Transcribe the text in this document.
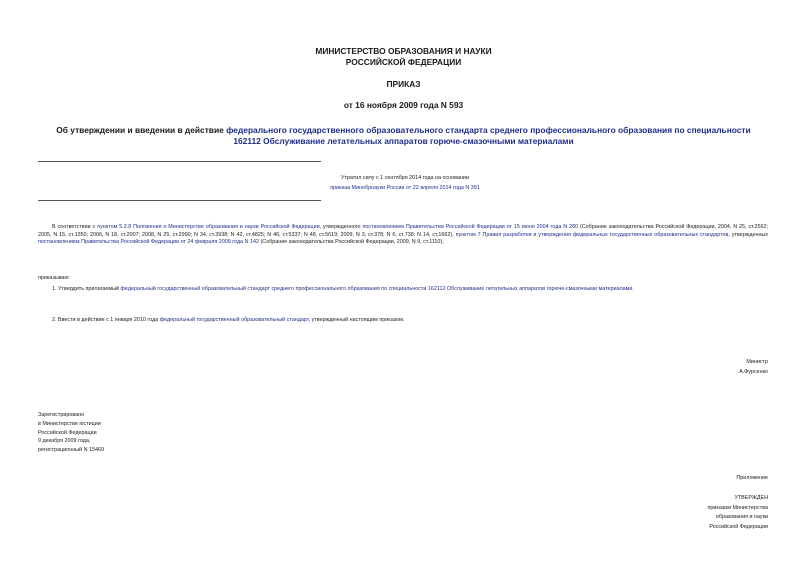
МИНИСТЕРСТВО ОБРАЗОВАНИЯ И НАУКИ
РОССИЙСКОЙ ФЕДЕРАЦИИ
ПРИКАЗ
от 16 ноября 2009 года N 593
Об утверждении и введении в действие федерального государственного образовательного стандарта среднего профессионального образования по специальности 162112 Обслуживание летательных аппаратов горюче-смазочными материалами
Утратил силу с 1 сентября 2014 года на основании
приказа Минобрнауки России от 22 апреля 2014 года N 391
В соответствии с пунктом 5.2.8 Положения о Министерстве образования и науки Российской Федерации, утвержденного постановлением Правительства Российской Федерации от 15 июня 2004 года N 280 (Собрание законодательства Российской Федерации, 2004, N 25, ст.2562; 2005, N 15, ст.1350; 2006, N 18, ст.2007; 2008, N 25, ст.2990; N 34, ст.3938; N 42, ст.4825; N 46, ст.5337; N 48, ст.5619; 2009, N 3, ст.378; N 6, ст.738; N 14, ст.1662), пунктом 7 Правил разработки и утверждения федеральных государственных образовательных стандартов, утвержденных постановлением Правительства Российской Федерации от 24 февраля 2009 года N 142 (Собрание законодательства Российской Федерации, 2009, N 9, ст.1110),
приказываю:
1. Утвердить прилагаемый федеральный государственный образовательный стандарт среднего профессионального образования по специальности 162112 Обслуживание летательных аппаратов горюче-смазочными материалами.
2. Ввести в действие с 1 января 2010 года федеральный государственный образовательный стандарт, утвержденный настоящим приказом.
Министр
А.Фурсенко
Зарегистрировано
в Министерстве юстиции
Российской Федерации
9 декабря 2009 года,
регистрационный N 15469
Приложение
УТВЕРЖДЕН
приказом Министерства
образования и науки
Российской Федерации
